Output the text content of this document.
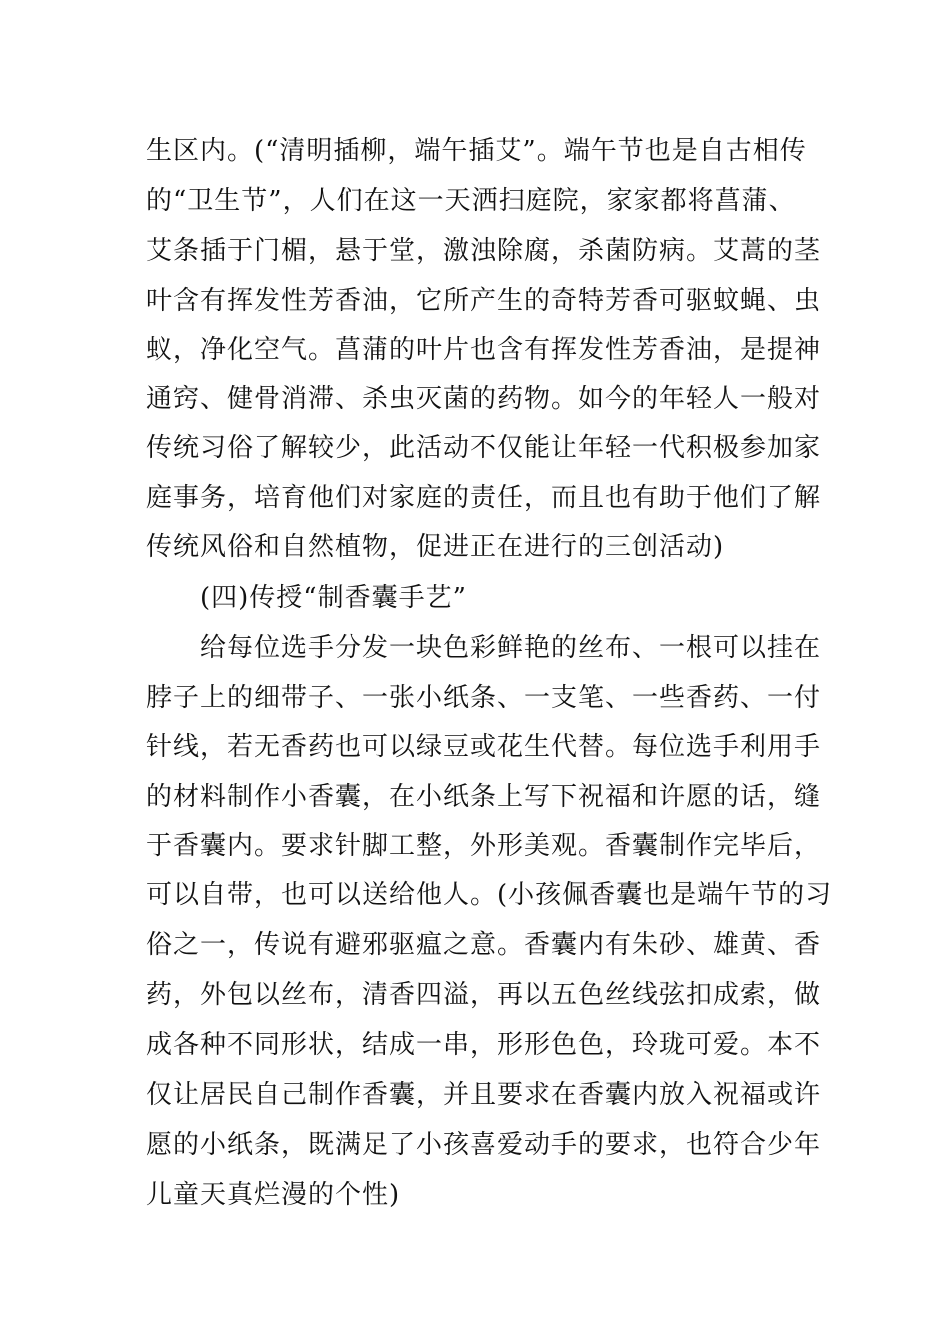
生区内。(“清明插柳，端午插艾”。端午节也是自古相传
的“卫生节”，人们在这一天洒扫庭院，家家都将菖蒲、
艾条插于门楣，悬于堂，激浊除腐，杀菌防病。艾蒿的茎
叶含有挥发性芳香油，它所产生的奇特芳香可驱蚊蝇、虫
蚁，净化空气。菖蒲的叶片也含有挥发性芳香油，是提神
通窍、健骨消滞、杀虫灭菌的药物。如今的年轻人一般对
传统习俗了解较少，此活动不仅能让年轻一代积极参加家
庭事务，培育他们对家庭的责任，而且也有助于他们了解
传统风俗和自然植物，促进正在进行的三创活动)
(四)传授“制香囊手艺”
给每位选手分发一块色彩鲜艳的丝布、一根可以挂在
脖子上的细带子、一张小纸条、一支笔、一些香药、一付
针线，若无香药也可以绿豆或花生代替。每位选手利用手
的材料制作小香囊，在小纸条上写下祝福和许愿的话，缝
于香囊内。要求针脚工整，外形美观。香囊制作完毕后，
可以自带，也可以送给他人。(小孩佩香囊也是端午节的习
俗之一，传说有避邪驱瘟之意。香囊内有朱砂、雄黄、香
药，外包以丝布，清香四溢，再以五色丝线弦扣成索，做
成各种不同形状，结成一串，形形色色，玲珑可爱。本不
仅让居民自己制作香囊，并且要求在香囊内放入祝福或许
愿的小纸条，既满足了小孩喜爱动手的要求，也符合少年
儿童天真烂漫的个性)
